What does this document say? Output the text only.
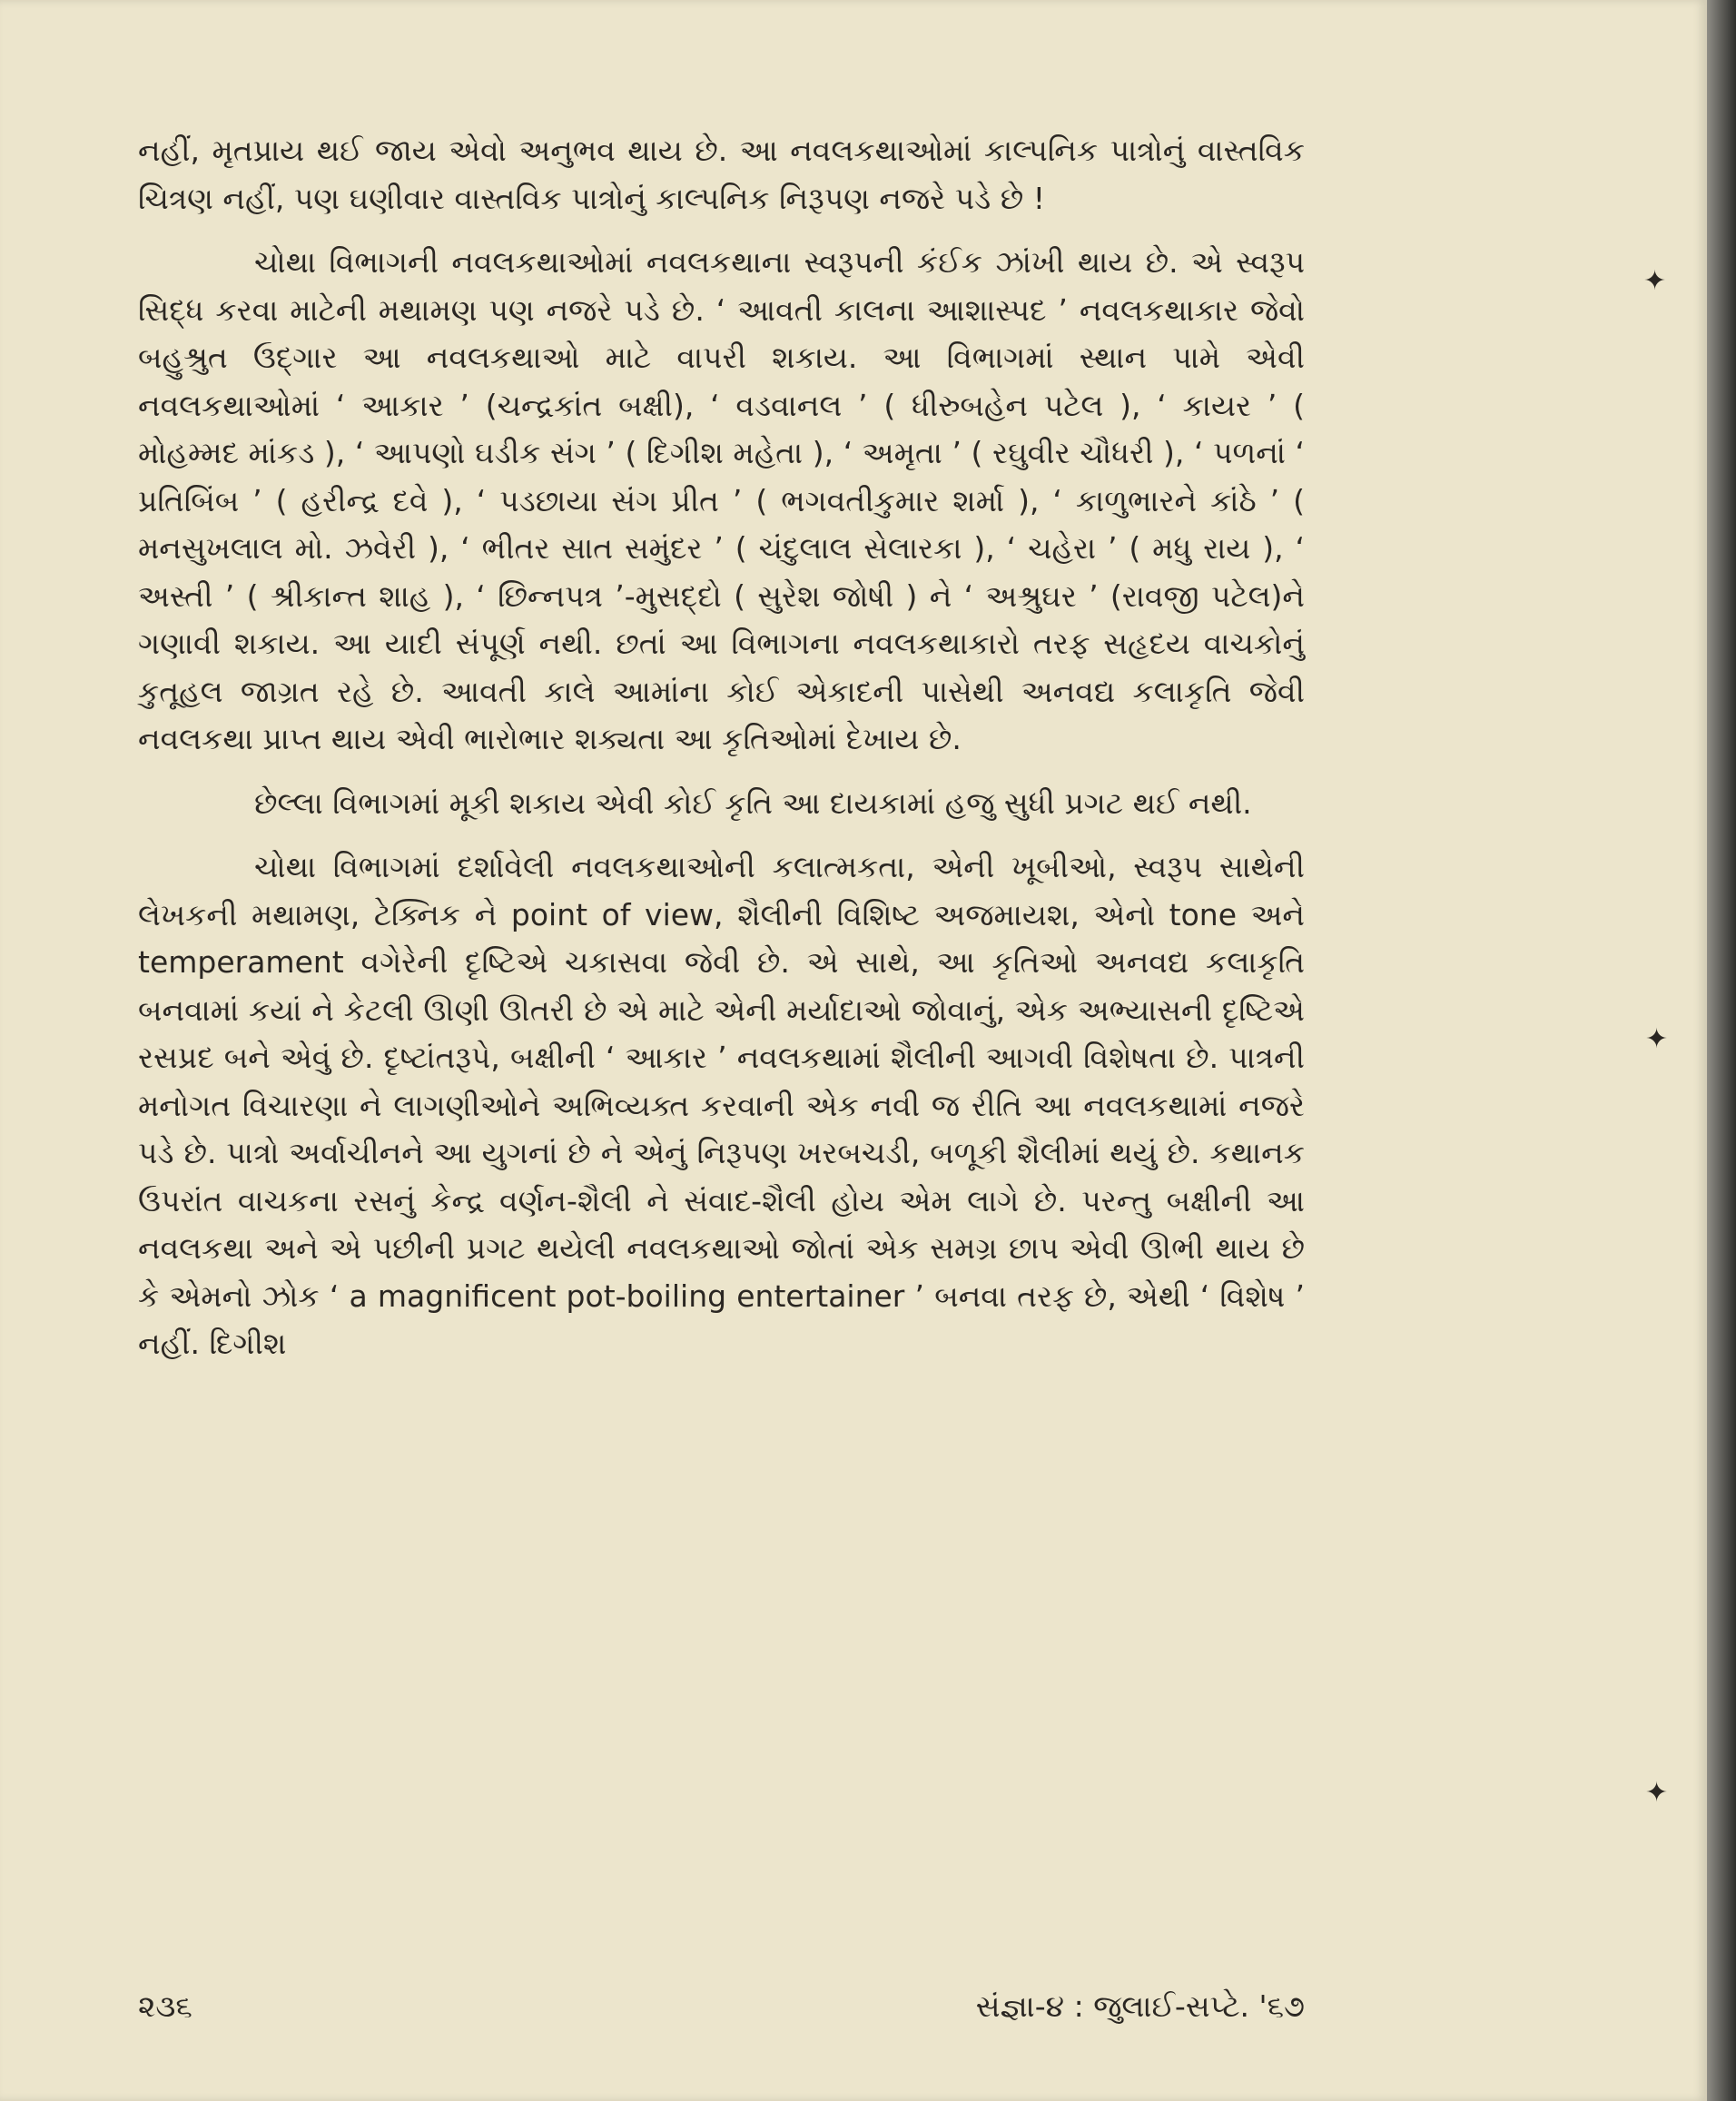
નહીં, મૃતપ્રાય થઈ જાય એવો અનુભવ થાય છે. આ નવલકથાઓમાં કાલ્પનિક પાત્રોનું વાસ્તવિક ચિત્રણ નહીં, પણ ઘણીવાર વાસ્તવિક પાત્રોનું કાલ્પનિક નિરૂપણ નજરે પડે છે !

ચોથા વિભાગની નવલકથાઓમાં નવલકથાના સ્વરૂપની કંઈક ઝાંખી થાય છે. એ સ્વરૂપ સિદ્ધ કરવા માટેની મથામણ પણ નજરે પડે છે. ‘ આવતી કાલના આશાસ્પદ ’ નવલકથાકાર જેવો બહુશ્રુત ઉદ્ગાર આ નવલકથાઓ માટે વાપરી શકાય. આ વિભાગમાં સ્થાન પામે એવી નવલકથાઓમાં ‘ આકાર ’ (ચન્દ્રકાંત બક્ષી), ‘ વડવાનલ ’ ( ધીરુબહેન પટેલ ), ‘ કાયર ’ ( મોહમ્મદ માંકડ ), ‘ આપણો ઘડીક સંગ ’ ( દિગીશ મહેતા ), ‘ અમૃતા ’ ( રઘુવીર ચૌધરી ), ‘ પળનાં ‘ પ્રતિબિંબ ’ ( હરીન્દ્ર દવે ), ‘ પડછાયા સંગ પ્રીત ’ ( ભગવતીકુમાર શર્મા ), ‘ કાળુભારને કાંઠે ’ ( મનસુખલાલ મો. ઝવેરી ), ‘ ભીતર સાત સમુંદર ’ ( ચંદુલાલ સેલારકા ), ‘ ચહેરા ’ ( મધુ રાય ), ‘ અસ્તી ’ ( શ્રીકાન્ત શાહ ), ‘ છિન્નપત્ર ’-મુસદ્દો ( સુરેશ જોષી ) ને ‘ અશ્રુઘર ’ (રાવજી પટેલ)ને ગણાવી શકાય. આ યાદી સંપૂર્ણ નથી. છતાં આ વિભાગના નવલકથાકારો તરફ સહૃદય વાચકોનું કુતૂહલ જાગ્રત રહે છે. આવતી કાલે આમાંના કોઈ એકાદની પાસેથી અનવદ્ય કલાકૃતિ જેવી નવલકથા પ્રાપ્ત થાય એવી ભારોભાર શક્યતા આ કૃતિઓમાં દેખાય છે.

છેલ્લા વિભાગમાં મૂકી શકાય એવી કોઈ કૃતિ આ દાયકામાં હજુ સુધી પ્રગટ થઈ નથી.

ચોથા વિભાગમાં દર્શાવેલી નવલકથાઓની કલાત્મકતા, એની ખૂબીઓ, સ્વરૂપ સાથેની લેખકની મથામણ, ટેક્નિક ને point of view, શૈલીની વિશિષ્ટ અજમાયશ, એનો tone અને temperament વગેરેની દૃષ્ટિએ ચકાસવા જેવી છે. એ સાથે, આ કૃતિઓ અનવદ્ય કલાકૃતિ બનવામાં કયાં ને કેટલી ઊણી ઊતરી છે એ માટે એની મર્યાદાઓ જોવાનું, એક અભ્યાસની દૃષ્ટિએ રસપ્રદ બને એવું છે. દૃષ્ટાંતરૂપે, બક્ષીની ‘ આકાર ’ નવલકથામાં શૈલીની આગવી વિશેષતા છે. પાત્રની મનોગત વિચારણા ને લાગણીઓને અભિવ્યક્ત કરવાની એક નવી જ રીતિ આ નવલકથામાં નજરે પડે છે. પાત્રો અર્વાચીનને આ યુગનાં છે ને એનું નિરૂપણ ખરબચડી, બળૂકી શૈલીમાં થયું છે. કથાનક ઉપરાંત વાચકના રસનું કેન્દ્ર વર્ણન-શૈલી ને સંવાદ-શૈલી હોય એમ લાગે છે. પરન્તુ બક્ષીની આ નવલકથા અને એ પછીની પ્રગટ થયેલી નવલકથાઓ જોતાં એક સમગ્ર છાપ એવી ઊભી થાય છે કે એમનો ઝોક ‘ a magnificent pot-boiling entertainer ’ બનવા તરફ છે, એથી ‘ વિશેષ ’ નહીં. દિગીશ

૨૩૬	સંજ્ઞા-૪ : જુલાઈ-સપ્ટે. '૬૭
✦
✦
✦
